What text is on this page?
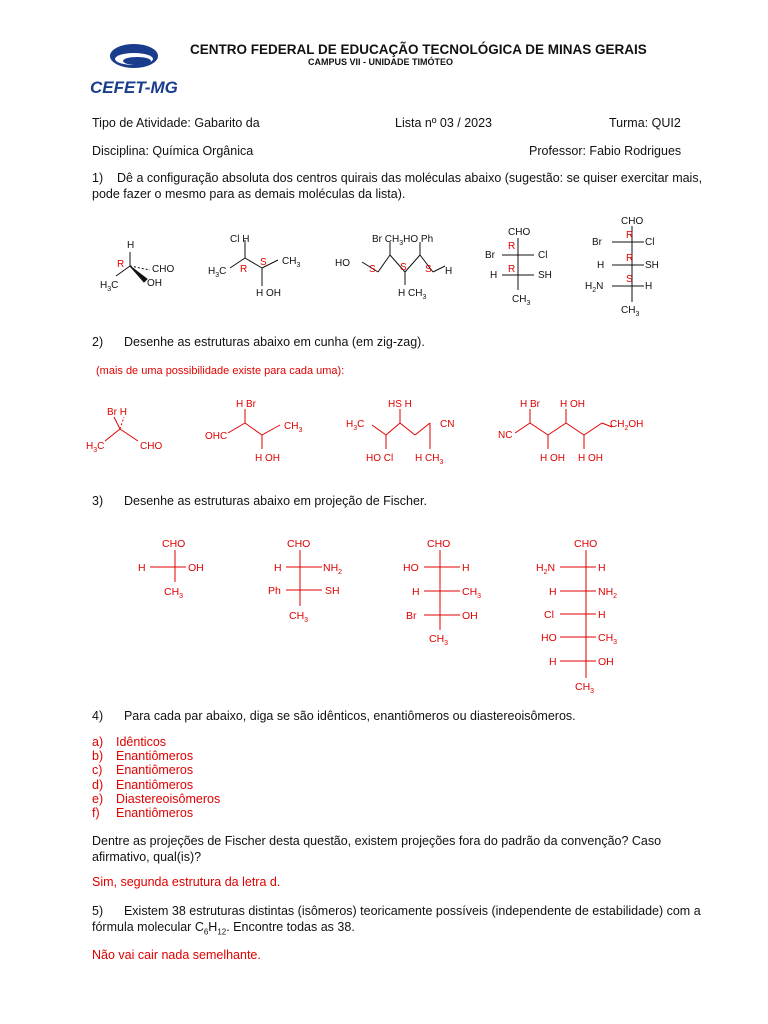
CEFET-MG
CENTRO FEDERAL DE EDUCAÇÃO TECNOLÓGICA DE MINAS GERAIS
CAMPUS VII - UNIDADE TIMÓTEO
Tipo de Atividade: Gabarito da	Lista nº 03 / 2023	Turma: QUI2
Disciplina: Química Orgânica	Professor: Fabio Rodrigues
1) Dê a configuração absoluta dos centros quirais das moléculas abaixo (sugestão: se quiser exercitar mais, pode fazer o mesmo para as demais moléculas da lista).
H
R	CHO
$H_3C$	OH
Cl H
R
S $CH_3$
$H_3C$
H OH
HO
Br $CH_3HO$ Ph
S S S H
H $CH_3$
CHO
Br	Cl
H	SH
R
R
$CH_3$
CHO
Br	Cl
H	SH
$H_2N$	H
R
R
S
$CH_3$
2) Desenhe as estruturas abaixo em cunha (em zig-zag).
(mais de uma possibilidade existe para cada uma):
Br H
$H_3C$	CHO
H Br
OHC
$CH_3$
H OH
HS H
$H_3C$	CN
HO Cl H $CH_3$
H Br H OH
NC
$CH_2OH$
H OH H OH
3) Desenhe as estruturas abaixo em projeção de Fischer.
CHO
H	OH
$CH_3$
CHO
H	$NH_2$
Ph	SH
$CH_3$
CHO
HO	H
H	$CH_3$
Br	OH
$CH_3$
CHO
$H_2N$	H
H	$NH_2$
Cl	H
HO	$CH_3$
H	OH
$CH_3$
4) Para cada par abaixo, diga se são idênticos, enantiômeros ou diastereoisômeros.
a) Idênticos
b) Enantiômeros
c) Enantiômeros
d) Enantiômeros
e) Diastereoisômeros
f) Enantiômeros
Dentre as projeções de Fischer desta questão, existem projeções fora do padrão da convenção? Caso afirmativo, qual(is)?
Sim, segunda estrutura da letra d.
5) Existem 38 estruturas distintas (isômeros) teoricamente possíveis (independente de estabilidade) com a fórmula molecular $C_6H_{12}$. Encontre todas as 38.
Não vai cair nada semelhante.
